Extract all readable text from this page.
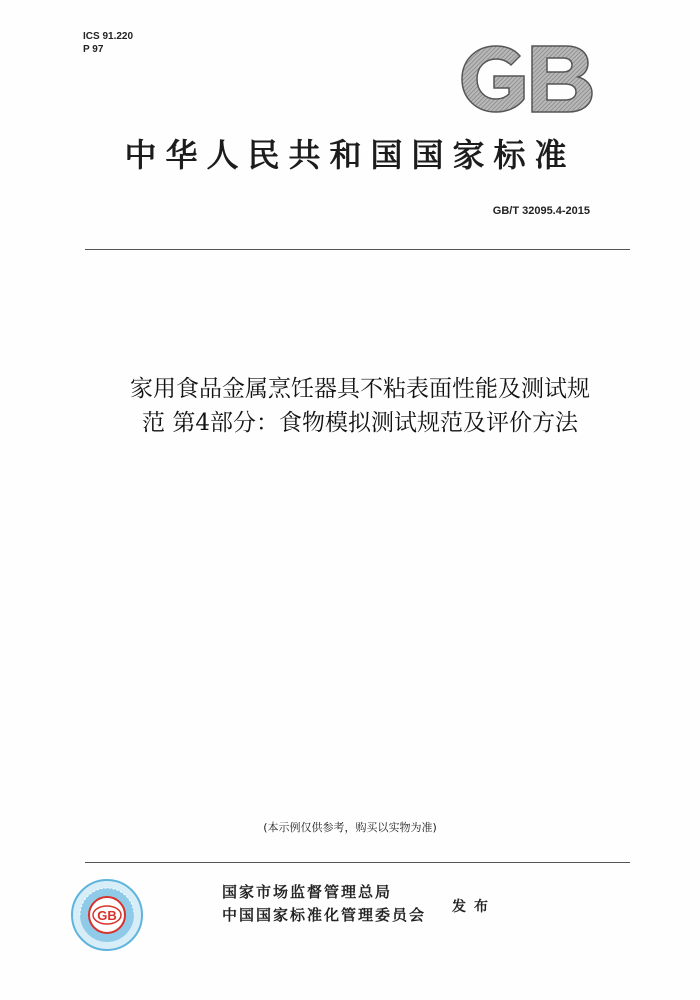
ICS 91.220
P 97
中华人民共和国国家标准
GB/T 32095.4-2015
家用食品金属烹饪器具不粘表面性能及测试规
范 第4部分：食物模拟测试规范及评价方法
(本示例仅供参考，购买以实物为准)
GB
国家市场监督管理总局
中国国家标准化管理委员会 发布
